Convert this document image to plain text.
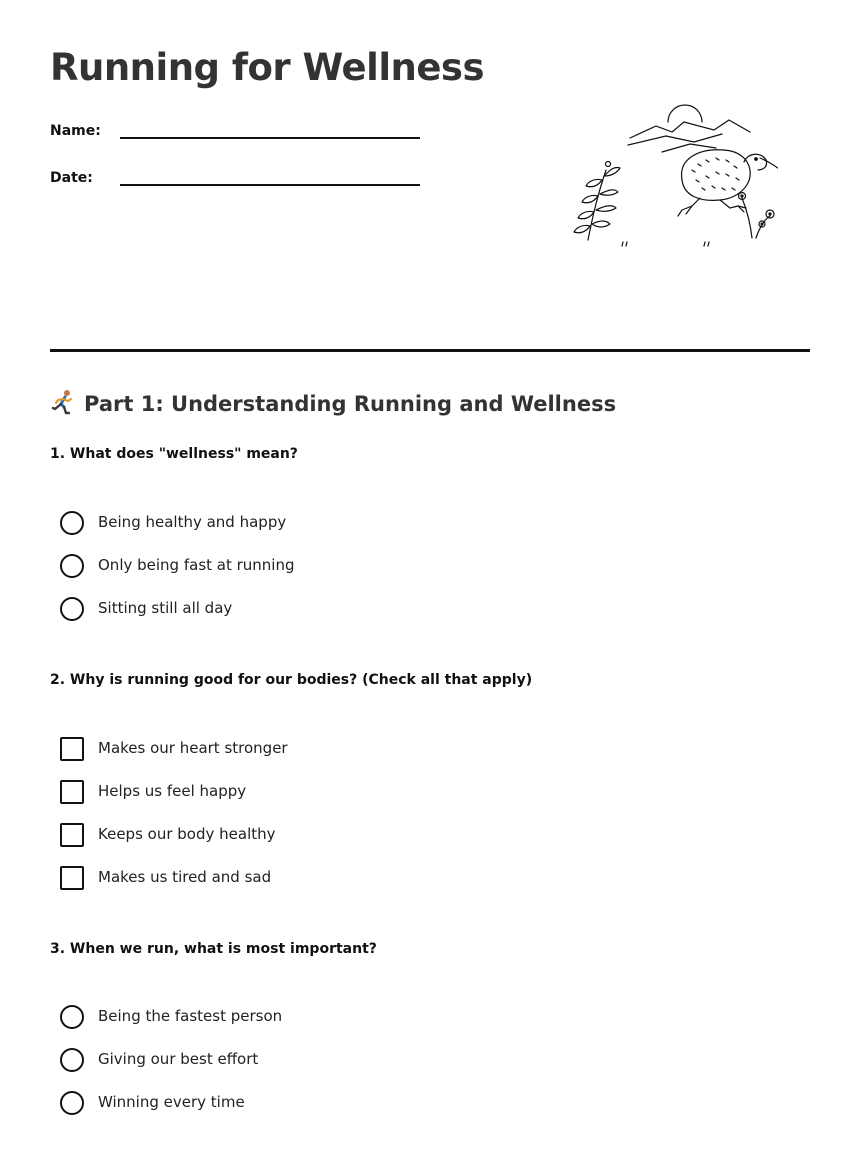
Running for Wellness
Name:
Date:
Part 1: Understanding Running and Wellness
1. What does "wellness" mean?
Being healthy and happy
Only being fast at running
Sitting still all day
2. Why is running good for our bodies? (Check all that apply)
Makes our heart stronger
Helps us feel happy
Keeps our body healthy
Makes us tired and sad
3. When we run, what is most important?
Being the fastest person
Giving our best effort
Winning every time
